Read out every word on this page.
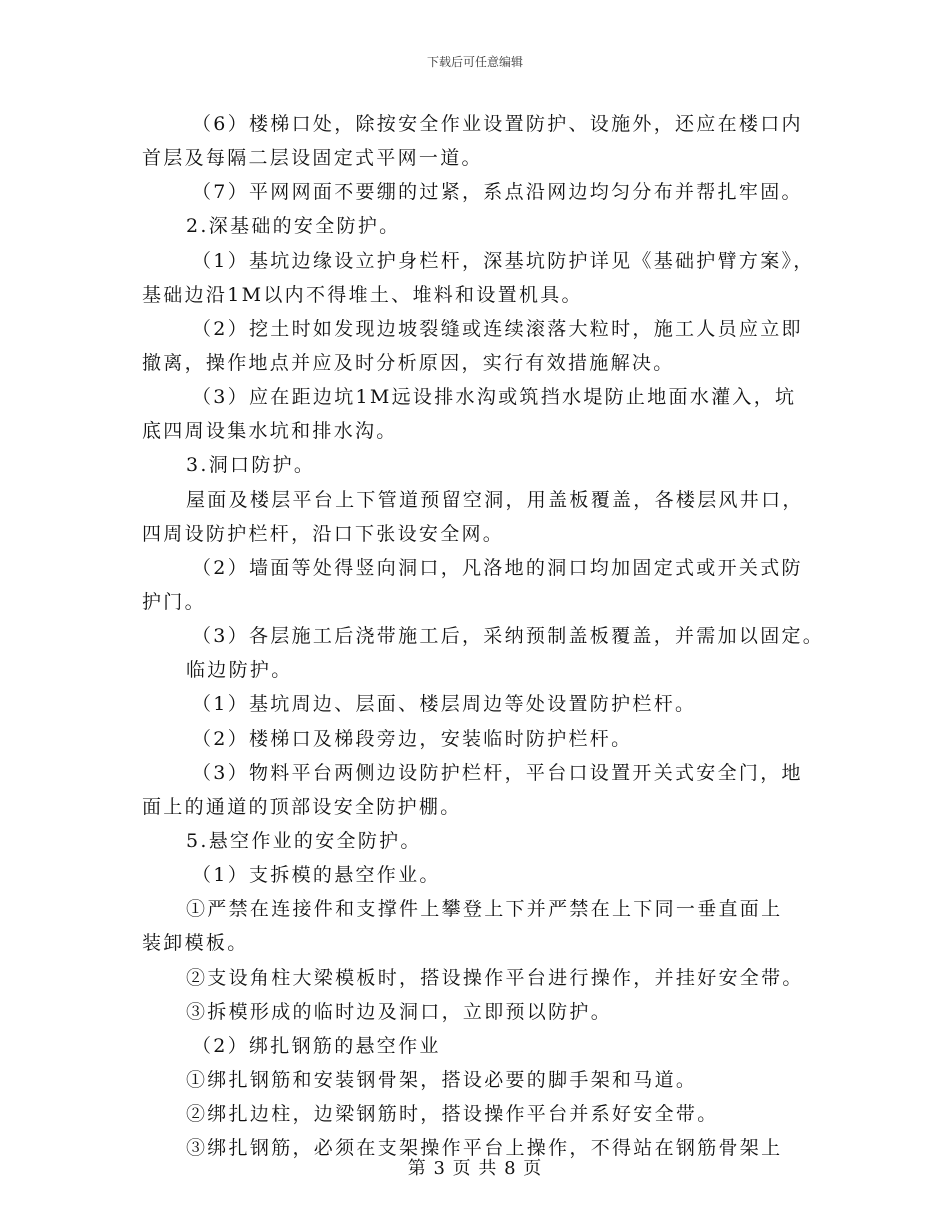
下载后可任意编辑
（6）楼梯口处，除按安全作业设置防护、设施外，还应在楼口内
首层及每隔二层设固定式平网一道。
（7）平网网面不要绷的过紧，系点沿网边均匀分布并帮扎牢固。
2.深基础的安全防护。
（1）基坑边缘设立护身栏杆，深基坑防护详见《基础护臂方案》，
基础边沿1M以内不得堆土、堆料和设置机具。
（2）挖土时如发现边坡裂缝或连续滚落大粒时，施工人员应立即
撤离，操作地点并应及时分析原因，实行有效措施解决。
（3）应在距边坑1M远设排水沟或筑挡水堤防止地面水灌入，坑
底四周设集水坑和排水沟。
3.洞口防护。
屋面及楼层平台上下管道预留空洞，用盖板覆盖，各楼层风井口，
四周设防护栏杆，沿口下张设安全网。
（2）墙面等处得竖向洞口，凡洛地的洞口均加固定式或开关式防
护门。
（3）各层施工后浇带施工后，采纳预制盖板覆盖，并需加以固定。
临边防护。
（1）基坑周边、层面、楼层周边等处设置防护栏杆。
（2）楼梯口及梯段旁边，安装临时防护栏杆。
（3）物料平台两侧边设防护栏杆，平台口设置开关式安全门，地
面上的通道的顶部设安全防护棚。
5.悬空作业的安全防护。
（1）支拆模的悬空作业。
①严禁在连接件和支撑件上攀登上下并严禁在上下同一垂直面上
装卸模板。
②支设角柱大梁模板时，搭设操作平台进行操作，并挂好安全带。
③拆模形成的临时边及洞口，立即预以防护。
（2）绑扎钢筋的悬空作业
①绑扎钢筋和安装钢骨架，搭设必要的脚手架和马道。
②绑扎边柱，边梁钢筋时，搭设操作平台并系好安全带。
③绑扎钢筋，必须在支架操作平台上操作，不得站在钢筋骨架上
第 3 页 共 8 页
